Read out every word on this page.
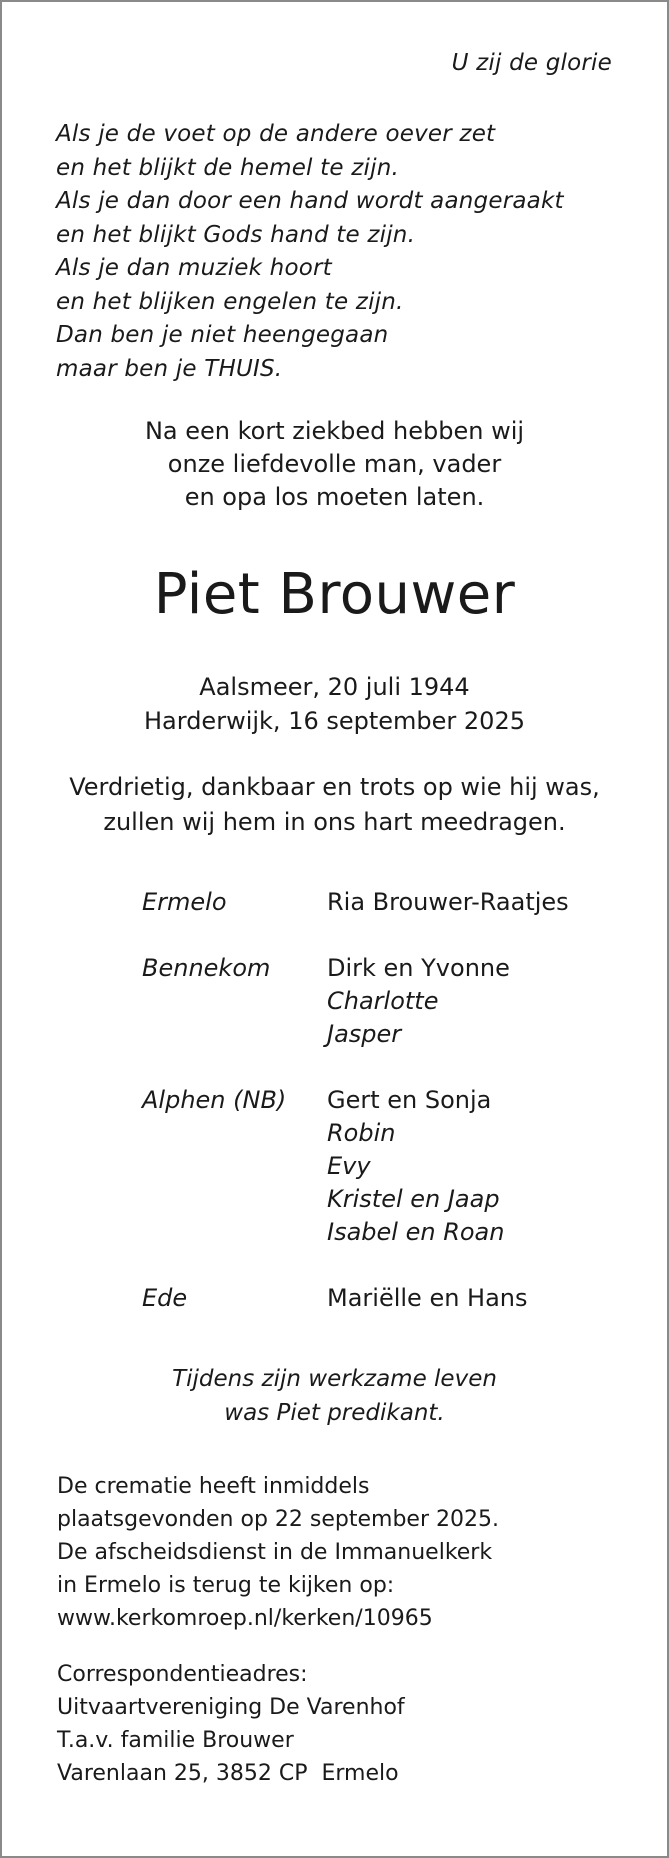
U zij de glorie

Als je de voet op de andere oever zet
en het blijkt de hemel te zijn.
Als je dan door een hand wordt aangeraakt
en het blijkt Gods hand te zijn.
Als je dan muziek hoort
en het blijken engelen te zijn.
Dan ben je niet heengegaan
maar ben je THUIS.
Na een kort ziekbed hebben wij
onze liefdevolle man, vader
en opa los moeten laten.
Piet Brouwer
Aalsmeer, 20 juli 1944
Harderwijk, 16 september 2025
Verdrietig, dankbaar en trots op wie hij was,
zullen wij hem in ons hart meedragen.
Ermelo	Ria Brouwer-Raatjes
Bennekom Dirk en Yvonne
Charlotte
Jasper
Alphen (NB) Gert en Sonja
Robin
Evy
Kristel en Jaap
Isabel en Roan
Ede	Mariëlle en Hans
Tijdens zijn werkzame leven
was Piet predikant.
De crematie heeft inmiddels
plaatsgevonden op 22 september 2025.
De afscheidsdienst in de Immanuelkerk
in Ermelo is terug te kijken op:
www.kerkomroep.nl/kerken/10965
Correspondentieadres:
Uitvaartvereniging De Varenhof
T.a.v. familie Brouwer
Varenlaan 25, 3852 CP  Ermelo
